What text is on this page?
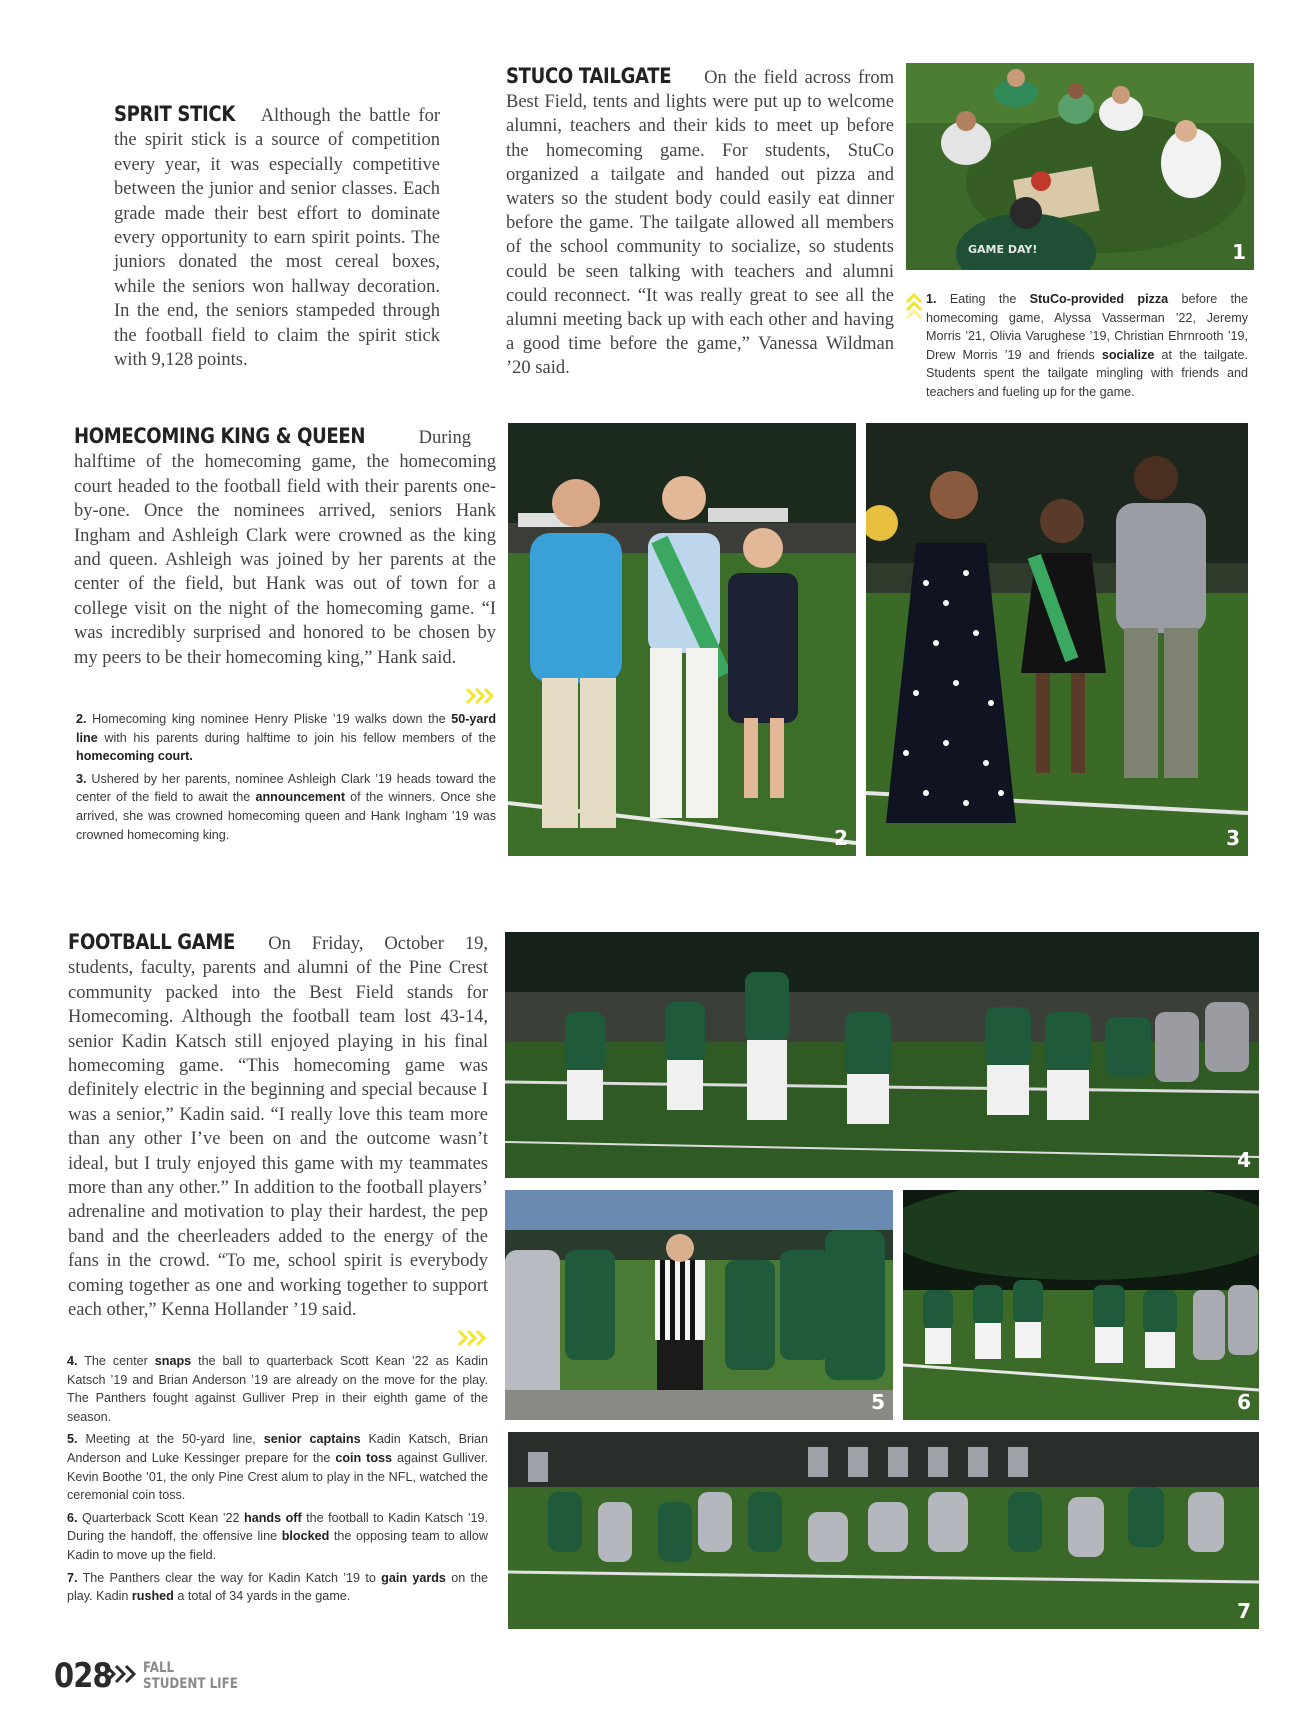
SPRIT STICK Although the battle for the spirit stick is a source of competition every year, it was especially competitive between the junior and senior classes. Each grade made their best effort to dominate every opportunity to earn spirit points. The juniors donated the most cereal boxes, while the seniors won hallway decoration. In the end, the seniors stampeded through the football field to claim the spirit stick with 9,128 points.

STUCO TAILGATE On the field across from Best Field, tents and lights were put up to welcome alumni, teachers and their kids to meet up before the homecoming game. For students, StuCo organized a tailgate and handed out pizza and waters so the student body could easily eat dinner before the game. The tailgate allowed all members of the school community to socialize, so students could be seen talking with teachers and alumni could reconnect. “It was really great to see all the alumni meeting back up with each other and having a good time before the game,” Vanessa Wildman ’20 said.

GAME DAY!	1

1. Eating the StuCo-provided pizza before the homecoming game, Alyssa Vasserman ’22, Jeremy Morris ’21, Olivia Varughese ’19, Christian Ehrnrooth ’19, Drew Morris ’19 and friends socialize at the tailgate. Students spent the tailgate mingling with friends and teachers and fueling up for the game.

HOMECOMING KING & QUEEN	During halftime of the homecoming game, the homecoming court headed to the football field with their parents one-by-one. Once the nominees arrived, seniors Hank Ingham and Ashleigh Clark were crowned as the king and queen. Ashleigh was joined by her parents at the center of the field, but Hank was out of town for a college visit on the night of the homecoming game. “I was incredibly surprised and honored to be chosen by my peers to be their homecoming king,” Hank said.

2. Homecoming king nominee Henry Pliske ’19 walks down the 50-yard line with his parents during halftime to join his fellow members of the homecoming court.

3. Ushered by her parents, nominee Ashleigh Clark ’19 heads toward the center of the field to await the announcement of the winners. Once she arrived, she was crowned homecoming queen and Hank Ingham ’19 was crowned homecoming king.	2	3

FOOTBALL GAME On Friday, October 19, students, faculty, parents and alumni of the Pine Crest community packed into the Best Field stands for Homecoming. Although the football team lost 43-14, senior Kadin Katsch still enjoyed playing in his final homecoming game. “This homecoming game was definitely electric in the beginning and special because I was a senior,” Kadin said. “I really love this team more than any other I’ve been on and the outcome wasn’t ideal, but I truly enjoyed this game with my teammates more than any other.” In addition to the football players’ adrenaline and motivation to play their hardest, the pep band and the cheerleaders added to the energy of the fans in the crowd. “To me, school spirit is everybody coming together as one and working together to support each other,” Kenna Hollander ’19 said.

4. The center snaps the ball to quarterback Scott Kean ’22 as Kadin Katsch ’19 and Brian Anderson ’19 are already on the move for the play. The Panthers fought against Gulliver Prep in their eighth game of the season.

5. Meeting at the 50-yard line, senior captains Kadin Katsch, Brian Anderson and Luke Kessinger prepare for the coin toss against Gulliver. Kevin Boothe ’01, the only Pine Crest alum to play in the NFL, watched the ceremonial coin toss.

6. Quarterback Scott Kean ’22 hands off the football to Kadin Katsch ’19. During the handoff, the offensive line blocked the opposing team to allow Kadin to move up the field.

7. The Panthers clear the way for Kadin Katch ’19 to gain yards on the play. Kadin rushed a total of 34 yards in the game.

4
5	6
7
028 FALL
STUDENT LIFE
